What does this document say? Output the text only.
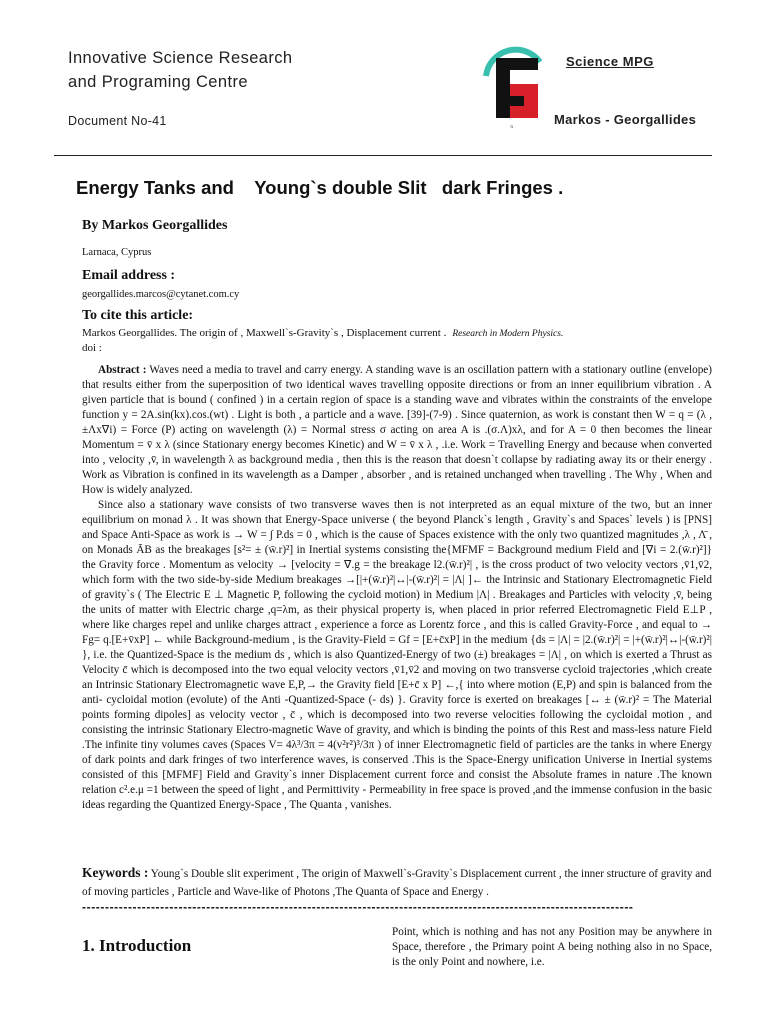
Innovative Science Research
and Programing Centre
Document No-41	G
Science MPG
Markos - Georgallides
Energy Tanks and    Young`s double Slit   dark Fringes .
By Markos Georgallides
Larnaca, Cyprus
Email address :
georgallides.marcos@cytanet.com.cy
To cite this article:
Markos Georgallides. The origin of , Maxwell`s-Gravity`s , Displacement current . Research in Modern Physics.
doi :

Abstract : Waves need a media to travel and carry energy. A standing wave is an oscillation pattern with a stationary outline (envelope) that results either from the superposition of two identical waves travelling opposite directions or from an inner equilibrium vibration . A given particle that is bound ( confined ) in a certain region of space is a standing wave and vibrates within the constraints of the envelope function y = 2A.sin(kx).cos.(wt) . Light is both , a particle and a wave. [39]-(7-9) . Since quaternion, as work is constant then W = q = (λ , ±Λx∇i) = Force (P) acting on wavelength (λ) = Normal stress σ acting on area A is .(σ.Λ)xλ, and for A = 0 then becomes the linear Momentum = v̄ x λ (since Stationary energy becomes Kinetic) and W = v̄ x λ , .i.e. Work = Travelling Energy and because when converted into , velocity ,v̄, in wavelength λ as background media , then this is the reason that doesn`t collapse by radiating away its or their energy . Work as Vibration is confined in its wavelength as a Damper , absorber , and is retained unchanged when travelling . The Why , When and How is widely analyzed.

Since also a stationary wave consists of two transverse waves then is not interpreted as an equal mixture of the two, but an inner equilibrium on monad λ . It was shown that Energy-Space universe ( the beyond Planck`s length , Gravity`s and Spaces` levels ) is [PNS] and Space Anti-Space as work is → W = ∫ P.ds = 0 , which is the cause of Spaces existence with the only two quantized magnitudes ,λ , Λ̄ , on Monads ĀB as the breakages [s²= ± (w̄.r)²] in Inertial systems consisting the{MFMF = Background medium Field and [∇i = 2.(w̄.r)²]} the Gravity force . Momentum as velocity → [velocity = ∇̄.g = the breakage l2.(w̄.r)²| , is the cross product of two velocity vectors ,v̄1,v̄2, which form with the two side-by-side Medium breakages →[|+(w̄.r)²|↔|-(w̄.r)²| = |Λ| ]← the Intrinsic and Stationary Electromagnetic Field of gravity`s ( The Electric E ⊥ Magnetic P, following the cycloid motion) in Medium |Λ| . Breakages and Particles with velocity ,v̄, being the units of matter with Electric charge ,q=λm, as their physical property is, when placed in prior referred Electromagnetic Field E⊥P , where like charges repel and unlike charges attract , experience a force as Lorentz force , and this is called Gravity-Force , and equal to → Fg= q.[E+v̄xP] ← while Background-medium , is the Gravity-Field = Gf = [E+c̄xP] in the medium {ds = |Λ| = |2.(w̄.r)²| = |+(w̄.r)²|↔|-(w̄.r)²| }, i.e. the Quantized-Space is the medium ds , which is also Quantized-Energy of two (±) breakages = |Λ| , on which is exerted a Thrust as Velocity c̄ which is decomposed into the two equal velocity vectors ,v̄1,v̄2 and moving on two transverse cycloid trajectories ,which create an Intrinsic Stationary Electromagnetic wave E,P,→ the Gravity field [E+c̄ x P] ←,{ into where motion (E,P) and spin is balanced from the anti- cycloidal motion (evolute) of the Anti -Quantized-Space (- ds) }. Gravity force is exerted on breakages [↔ ± (w̄.r)² = The Material points forming dipoles] as velocity vector , c̄ , which is decomposed into two reverse velocities following the cycloidal motion , and consisting the intrinsic Stationary Electro-magnetic Wave of gravity, and which is binding the points of this Rest and mass-less nature Field .The infinite tiny volumes caves (Spaces V= 4λ³/3π = 4(v²r²)³/3π ) of inner Electromagnetic field of particles are the tanks in where Energy of dark points and dark fringes of two interference waves, is conserved .This is the Space-Energy unification Universe in Inertial systems consisted of this [MFMF] Field and Gravity`s inner Displacement current force and consist the Absolute frames in nature .The known relation c².e.μ =1 between the speed of light , and Permittivity - Permeability in free space is proved ,and the immense confusion in the basic ideas regarding the Quantized Energy-Space , The Quanta , vanishes.

Keywords : Young`s Double slit experiment , The origin of Maxwell`s-Gravity`s Displacement current , the inner structure of gravity and of moving particles , Particle and Wave-like of Photons ,The Quanta of Space and Energy .
------------------------------------------------------------------------------------------------------------------------
1. Introduction
Point, which is nothing and has not any Position may be anywhere in Space, therefore , the Primary point A being nothing also in no Space, is the only Point and nowhere, i.e.
